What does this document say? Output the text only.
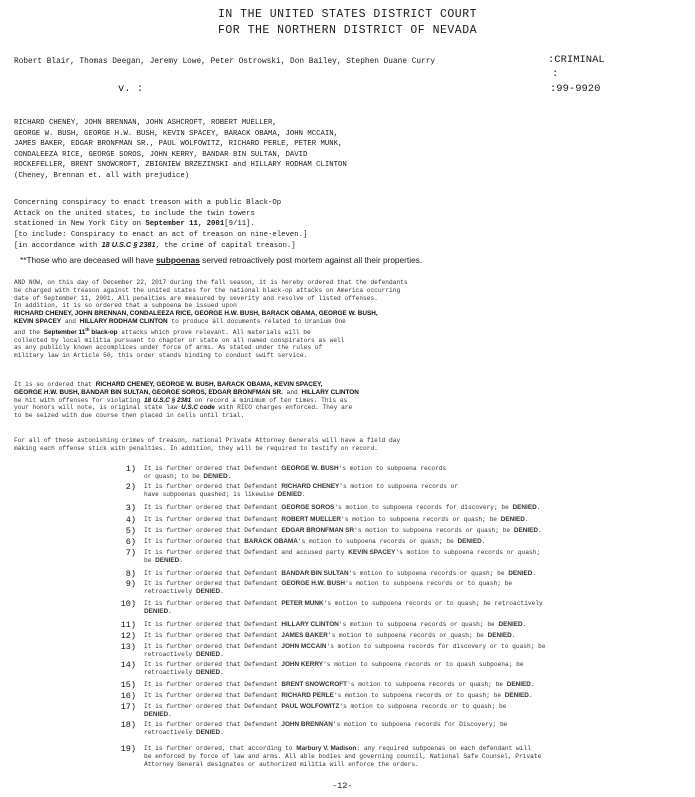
IN THE UNITED STATES DISTRICT COURT
FOR THE NORTHERN DISTRICT OF NEVADA
Robert Blair, Thomas Deegan, Jeremy Lowe, Peter Ostrowski, Don Bailey, Stephen Duane Curry	:CRIMINAL
:
v. :	:99-9920
RICHARD CHENEY, JOHN BRENNAN, JOHN ASHCROFT, ROBERT MUELLER,
GEORGE W. BUSH, GEORGE H.W. BUSH, KEVIN SPACEY, BARACK OBAMA, JOHN MCCAIN,
JAMES BAKER, EDGAR BRONFMAN SR., PAUL WOLFOWITZ, RICHARD PERLE, PETER MUNK,
CONDALEEZA RICE, GEORGE SOROS, JOHN KERRY, BANDAR BIN SULTAN, DAVID
ROCKEFELLER, BRENT SNOWCROFT, ZBIGNIEW BRZEZINSKI and HILLARY RODHAM CLINTON
(Cheney, Brennan et. all with prejudice)
Concerning conspiracy to enact treason with a public Black-Op
Attack on the united states, to include the twin towers
stationed in New York City on September 11, 2001[9/11].
[to include: Conspiracy to enact an act of treason on nine-eleven.]
[in accordance with 18 U.S.C § 2381, the crime of capital treason.]
**Those who are deceased will have subpoenas served retroactively post mortem against all their properties.
AND NOW, on this day of December 22, 2017 during the fall season, it is hereby ordered that the defendants
be charged with treason against the united states for the national black-op attacks on America occurring
date of September 11, 2001. All penalties are measured by severity and resolve of listed offenses.
In addition, it is so ordered that a subpoena be issued upon
RICHARD CHENEY, JOHN BRENNAN, CONDALEEZA RICE, GEORGE H.W. BUSH, BARACK OBAMA, GEORGE W. BUSH,
KEVIN SPACEY and HILLARY RODHAM CLINTON to produce all documents related to Uranium One
and the September 11th black-op attacks which prove relevant. All materials will be
collected by local militia pursuant to chapter or state on all named conspirators as well
as any publicly known accomplices under force of arms. As stated under the rules of
military law in Article 50, this order stands binding to conduct swift service.
It is so ordered that RICHARD CHENEY, GEORGE W. BUSH, BARACK OBAMA, KEVIN SPACEY,
GEORGE H.W. BUSH, BANDAR BIN SULTAN, GEORGE SOROS, EDGAR BRONFMAN SR. and HILLARY CLINTON
be hit with offenses for violating 18 U.S.C § 2381 on record a minimum of ten times. This as
your honors will note, is original state law U.S.C code with RICO charges enforced. They are
to be seized with due course then placed in cells until trial.
For all of these astonishing crimes of treason, national Private Attorney Generals will have a field day
making each offense stick with penalties. In addition, they will be required to testify on record.
1) It is further ordered that Defendant GEORGE W. BUSH's motion to subpoena records
or quash; to be DENIED.
2) It is further ordered that Defendant RICHARD CHENEY's motion to subpoena records or
have subpoenas quashed; is likewise DENIED.
3) It is further ordered that Defendant GEORGE SOROS's motion to subpoena records for discovery; be DENIED.
4) It is further ordered that Defendant ROBERT MUELLER's motion to subpoena records or quash; be DENIED.
5) It is further ordered that Defendant EDGAR BRONFMAN SR's motion to subpoena records or quash; be DENIED.
6) It is further ordered that BARACK OBAMA's motion to subpoena records or quash; be DENIED.
7) It is further ordered that Defendant and accused party KEVIN SPACEY's motion to subpoena records or quash;
be DENIED.
8) It is further ordered that Defendant BANDAR BIN SULTAN's motion to subpoena records or quash; be DENIED.
9) It is further ordered that Defendant GEORGE H.W. BUSH's motion to subpoena records or to quash; be
retroactively DENIED.
10) It is further ordered that Defendant PETER MUNK's motion to subpoena records or to quash; be retroactively
DENIED.
11) It is further ordered that Defendant HILLARY CLINTON's motion to subpoena records or quash; be DENIED.
12) It is further ordered that Defendant JAMES BAKER's motion to subpoena records or quash; be DENIED.
13) It is further ordered that Defendant JOHN MCCAIN's motion to subpoena records for discovery or to quash; be
retroactively DENIED.
14) It is further ordered that Defendant JOHN KERRY's motion to subpoena records or to quash subpoena; be
retroactively DENIED.
15) It is further ordered that Defendant BRENT SNOWCROFT's motion to subpoena records or quash; be DENIED.
16) It is further ordered that Defendant RICHARD PERLE's motion to subpoena records or to quash; be DENIED.
17) It is further ordered that Defendant PAUL WOLFOWITZ's motion to subpoena records or to quash; be
DENIED.
18) It is further ordered that Defendant JOHN BRENNAN's motion to subpoena records for Discovery; be
retroactively DENIED.
19) It is further ordered, that according to Marbury V. Madison: any required subpoenas on each defendant will
be enforced by force of law and arms. All able bodies and governing council, National Safe Counsel, Private
Attorney General designates or authorized militia will enforce the orders.
-12-
